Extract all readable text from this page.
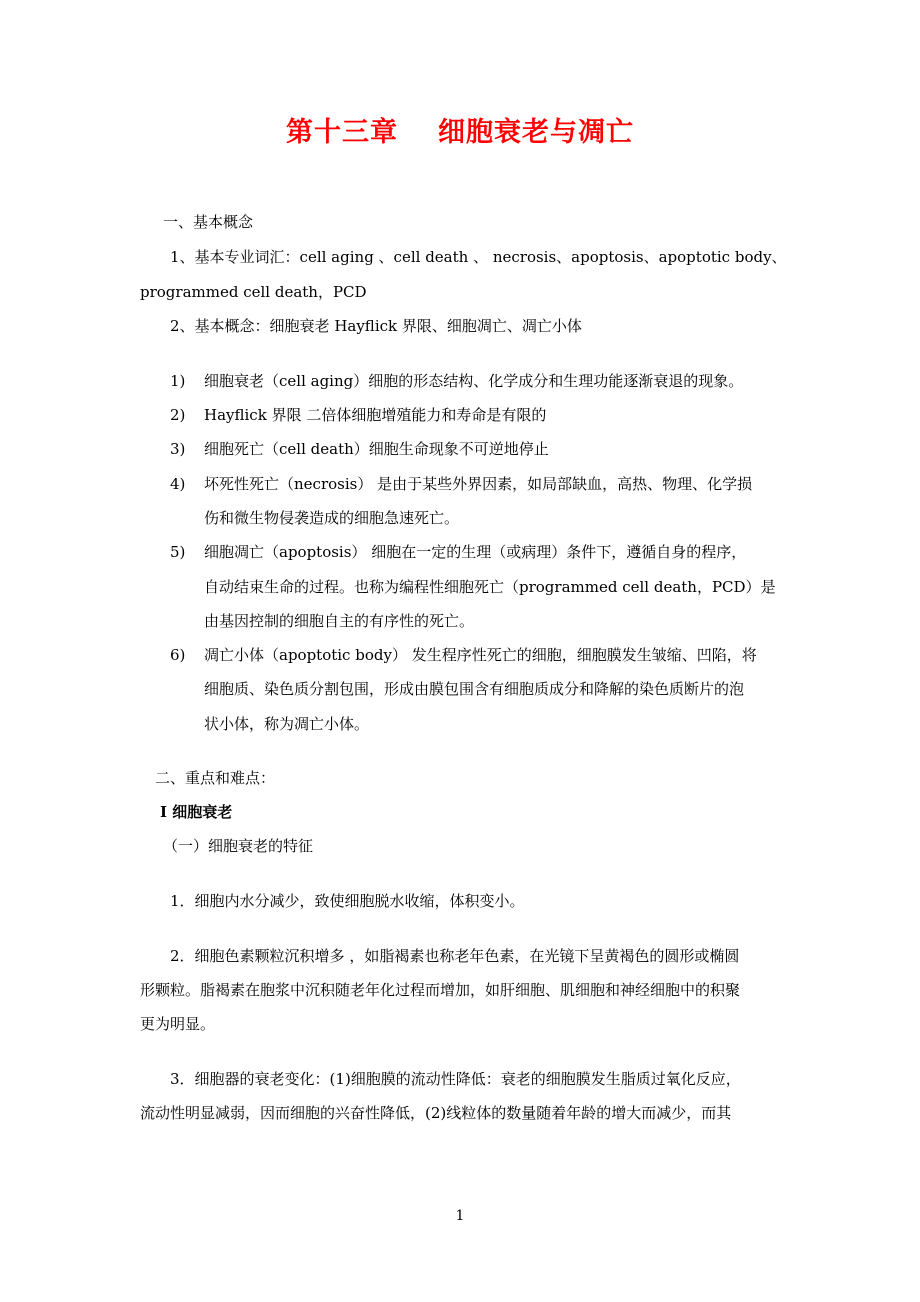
第十三章 细胞衰老与凋亡
一、基本概念
1、基本专业词汇：cell aging 、cell death 、 necrosis、apoptosis、apoptotic body、
programmed cell death，PCD
2、基本概念：细胞衰老 Hayflick 界限、细胞凋亡、凋亡小体
1)	细胞衰老（cell aging）细胞的形态结构、化学成分和生理功能逐渐衰退的现象。
2)	Hayflick 界限 二倍体细胞增殖能力和寿命是有限的
3)	细胞死亡（cell death）细胞生命现象不可逆地停止
4)	坏死性死亡（necrosis） 是由于某些外界因素，如局部缺血，高热、物理、化学损
伤和微生物侵袭造成的细胞急速死亡。
5)	细胞凋亡（apoptosis） 细胞在一定的生理（或病理）条件下，遵循自身的程序，
自动结束生命的过程。也称为编程性细胞死亡（programmed cell death，PCD）是
由基因控制的细胞自主的有序性的死亡。
6)	凋亡小体（apoptotic body） 发生程序性死亡的细胞，细胞膜发生皱缩、凹陷，将
细胞质、染色质分割包围，形成由膜包围含有细胞质成分和降解的染色质断片的泡
状小体，称为凋亡小体。
二、重点和难点：
I 细胞衰老
（一）细胞衰老的特征
1．细胞内水分减少，致使细胞脱水收缩，体积变小。
2．细胞色素颗粒沉积增多 ，如脂褐素也称老年色素，在光镜下呈黄褐色的圆形或椭圆
形颗粒。脂褐素在胞浆中沉积随老年化过程而增加，如肝细胞、肌细胞和神经细胞中的积聚
更为明显。
3．细胞器的衰老变化：(1)细胞膜的流动性降低：衰老的细胞膜发生脂质过氧化反应，
流动性明显减弱，因而细胞的兴奋性降低，(2)线粒体的数量随着年龄的增大而减少，而其
1
